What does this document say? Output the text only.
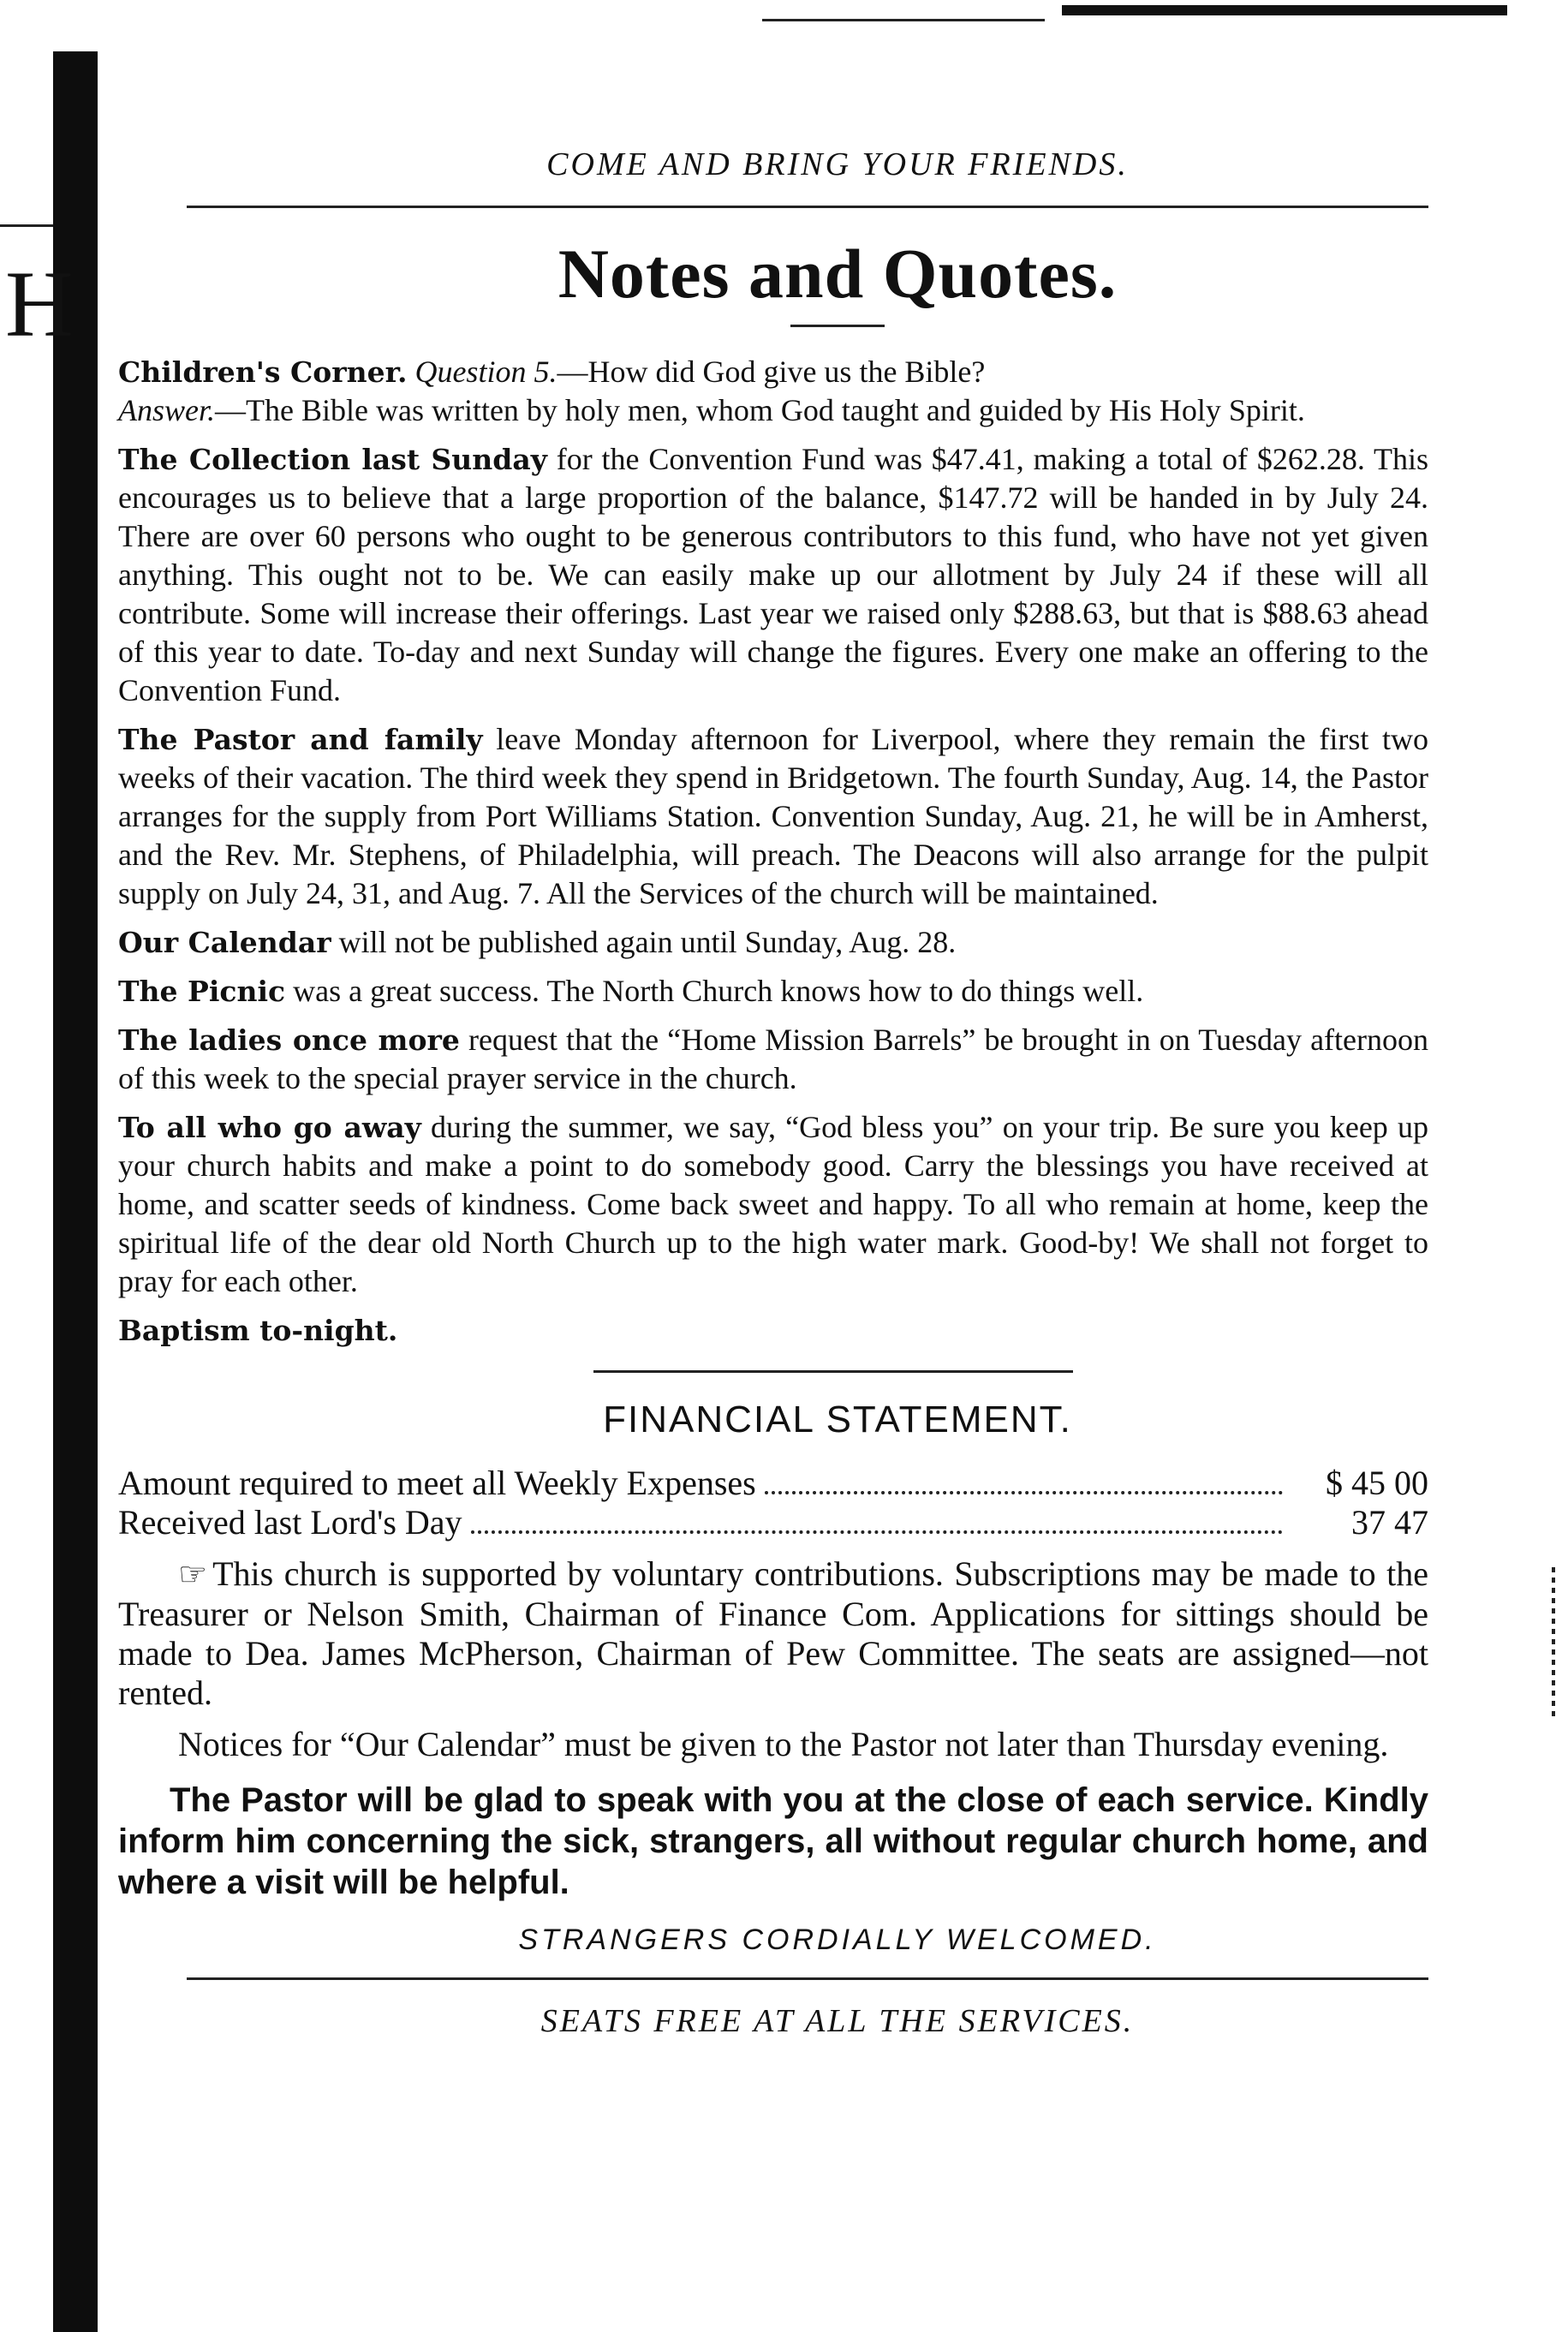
H
COME AND BRING YOUR FRIENDS.
Notes and Quotes.

Children's Corner. Question 5.—How did God give us the Bible?
Answer.—The Bible was written by holy men, whom God taught and guided by His Holy Spirit.

The Collection last Sunday for the Convention Fund was $47.41, making a total of $262.28. This encourages us to believe that a large proportion of the balance, $147.72 will be handed in by July 24. There are over 60 persons who ought to be generous contributors to this fund, who have not yet given anything. This ought not to be. We can easily make up our allotment by July 24 if these will all contribute. Some will increase their offerings. Last year we raised only $288.63, but that is $88.63 ahead of this year to date. To-day and next Sunday will change the figures. Every one make an offering to the Convention Fund.

The Pastor and family leave Monday afternoon for Liverpool, where they remain the first two weeks of their vacation. The third week they spend in Bridgetown. The fourth Sunday, Aug. 14, the Pastor arranges for the supply from Port Williams Station. Convention Sunday, Aug. 21, he will be in Amherst, and the Rev. Mr. Stephens, of Philadelphia, will preach. The Deacons will also arrange for the pulpit supply on July 24, 31, and Aug. 7. All the Services of the church will be maintained.

Our Calendar will not be published again until Sunday, Aug. 28.

The Picnic was a great success. The North Church knows how to do things well.

The ladies once more request that the “Home Mission Barrels” be brought in on Tuesday afternoon of this week to the special prayer service in the church.

To all who go away during the summer, we say, “God bless you” on your trip. Be sure you keep up your church habits and make a point to do somebody good. Carry the blessings you have received at home, and scatter seeds of kindness. Come back sweet and happy. To all who remain at home, keep the spiritual life of the dear old North Church up to the high water mark. Good-by! We shall not forget to pray for each other.

Baptism to-night.

FINANCIAL STATEMENT.
Amount required to meet all Weekly Expenses	$ 45 00
Received last Lord's Day	37 47

☞ This church is supported by voluntary contributions. Subscriptions may be made to the Treasurer or Nelson Smith, Chairman of Finance Com. Applications for sittings should be made to Dea. James McPherson, Chairman of Pew Committee. The seats are assigned—not rented.

Notices for “Our Calendar” must be given to the Pastor not later than Thursday evening.

The Pastor will be glad to speak with you at the close of each service. Kindly inform him concerning the sick, strangers, all without regular church home, and where a visit will be helpful.

STRANGERS CORDIALLY WELCOMED.
SEATS FREE AT ALL THE SERVICES.
